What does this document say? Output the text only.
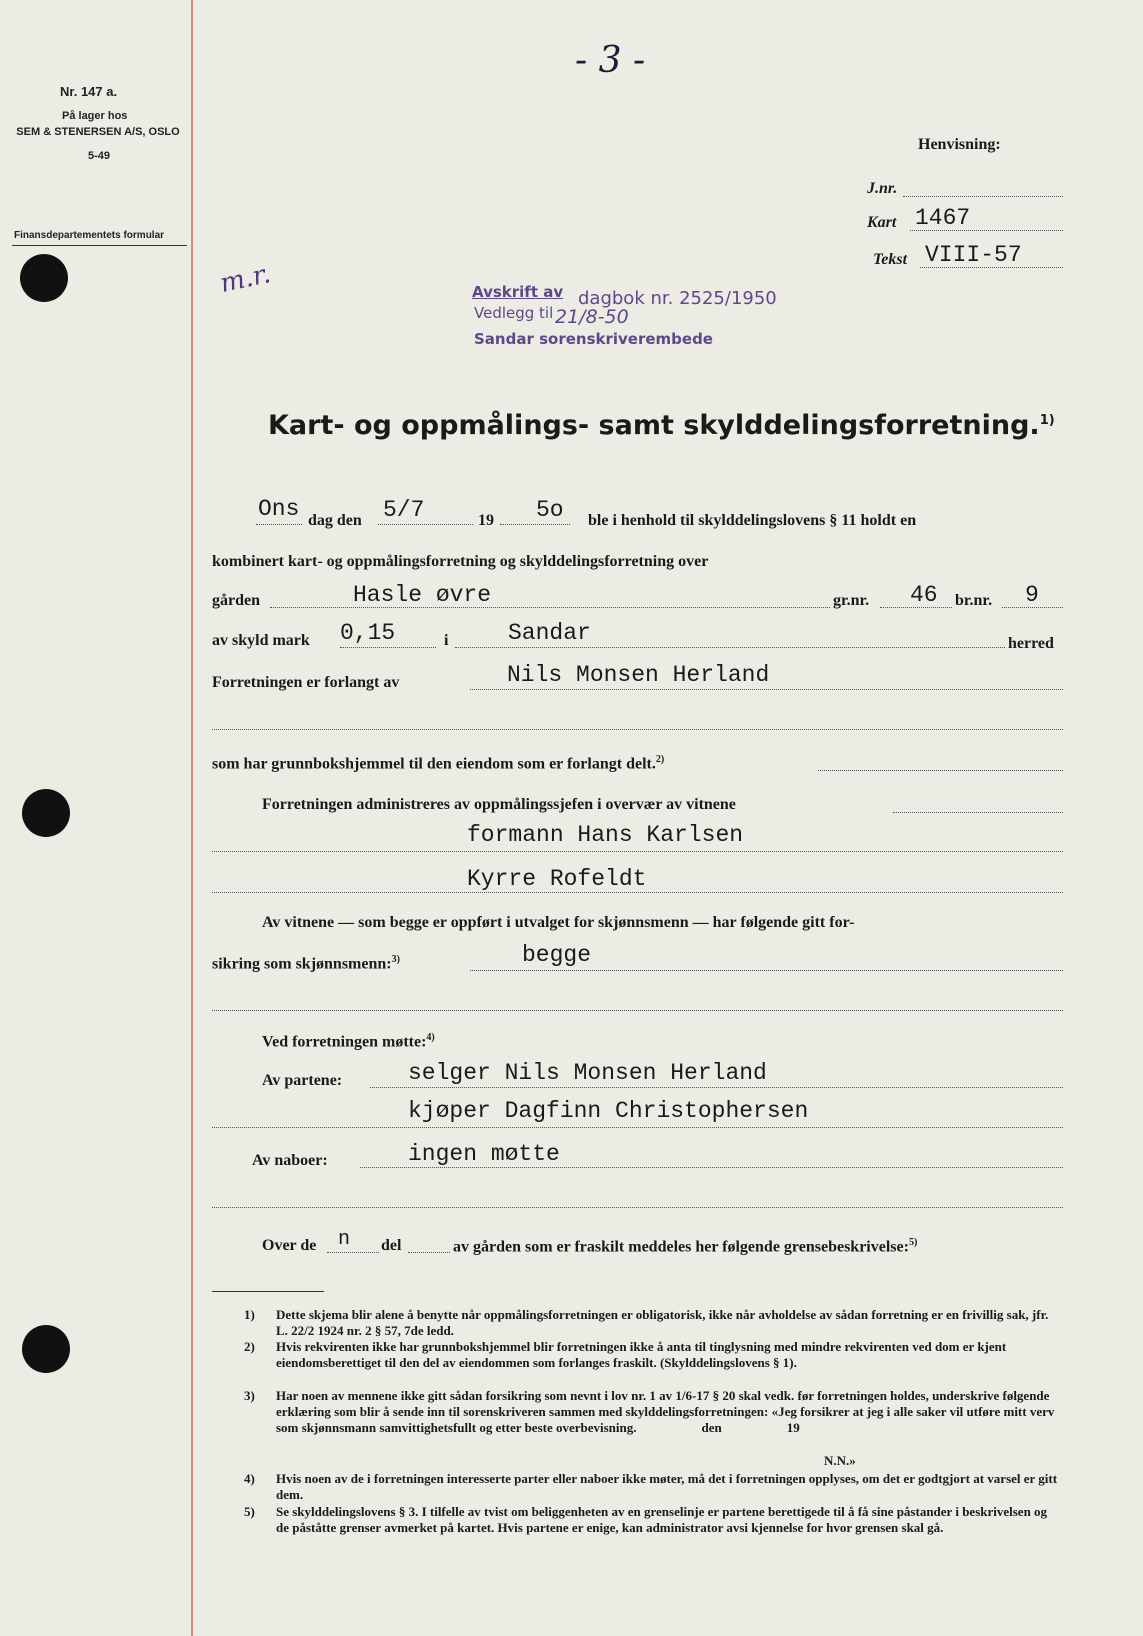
Nr. 147 a.
På lager hos
SEM & STENERSEN A/S, OSLO
5-49
Finansdepartementets formular
- 3 -
Henvisning:
J.nr.
Kart 1467
Tekst VIII-57
m.r.	Avskrift av dagbok nr. 2525/1950
Vedlegg til 21/8-50
Sandar sorenskriverembede
Kart- og oppmålings- samt skylddelingsforretning.$^{1)}$
Ons dag den 5/7	19 5o ble i henhold til skylddelingslovens § 11 holdt en
kombinert kart- og oppmålingsforretning og skylddelingsforretning over
gården	Hasle øvre	gr.nr. 46 br.nr. 9
av skyld mark 0,15	i	Sandar	herred
Forretningen er forlangt av	Nils Monsen Herland
som har grunnbokshjemmel til den eiendom som er forlangt delt.$^{2)}$
Forretningen administreres av oppmålingssjefen i overvær av vitnene
formann Hans Karlsen
Kyrre Rofeldt
Av vitnene — som begge er oppført i utvalget for skjønnsmenn — har følgende gitt for-
sikring som skjønnsmenn:$^{3)}$	begge
Ved forretningen møtte:$^{4)}$
Av partene:	selger Nils Monsen Herland
kjøper Dagfinn Christophersen
Av naboer:	ingen møtte
Over de n del	av gården som er fraskilt meddeles her følgende grensebeskrivelse:$^{5)}$
1)	Dette skjema blir alene å benytte når oppmålingsforretningen er obligatorisk, ikke når avholdelse av sådan forretning er en frivillig sak, jfr. L. 22/2 1924 nr. 2 § 57, 7de ledd.
2)	Hvis rekvirenten ikke har grunnbokshjemmel blir forretningen ikke å anta til tinglysning med mindre rekvirenten ved dom er kjent eiendomsberettiget til den del av eiendommen som forlanges fraskilt. (Skylddelingslovens § 1).
3)	Har noen av mennene ikke gitt sådan forsikring som nevnt i lov nr. 1 av 1/6-17 § 20 skal vedk. før forretningen holdes, underskrive følgende erklæring som blir å sende inn til sorenskriveren sammen med skylddelingsforretningen: «Jeg forsikrer at jeg i alle saker vil utføre mitt verv som skjønnsmann samvittighetsfullt og etter beste overbevisning.                    den                    19
N.N.»
4)	Hvis noen av de i forretningen interesserte parter eller naboer ikke møter, må det i forretningen opplyses, om det er godtgjort at varsel er gitt dem.
5)	Se skylddelingslovens § 3. I tilfelle av tvist om beliggenheten av en grenselinje er partene berettigede til å få sine påstander i beskrivelsen og de påståtte grenser avmerket på kartet. Hvis partene er enige, kan administrator avsi kjennelse for hvor grensen skal gå.
